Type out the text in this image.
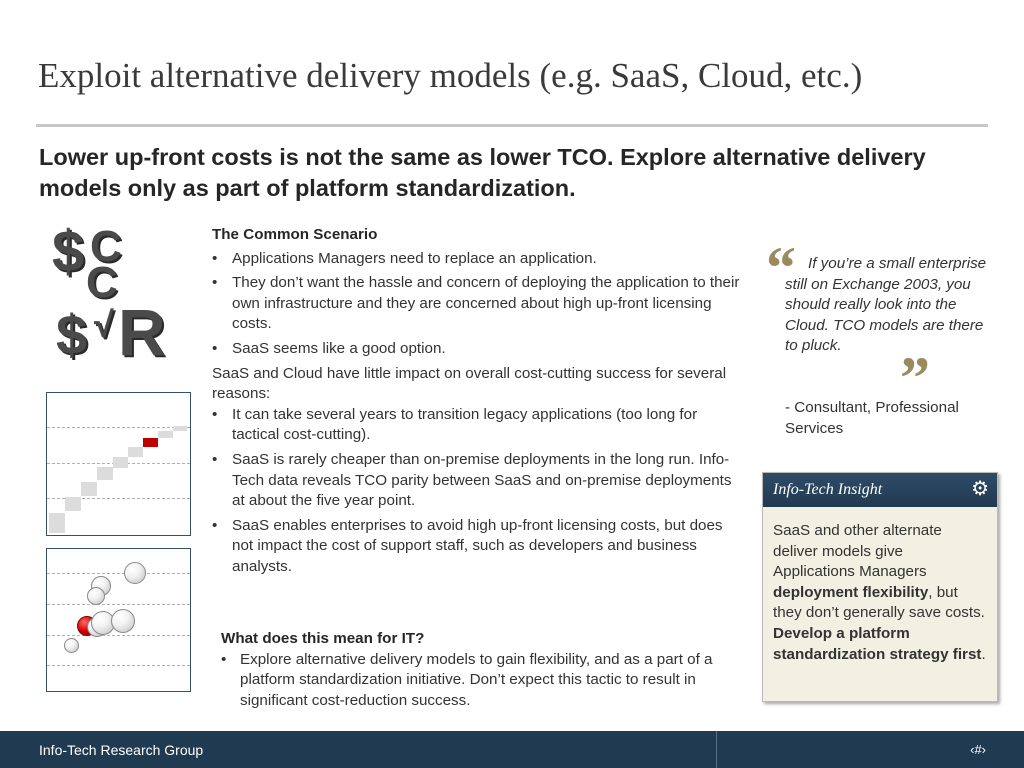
Exploit alternative delivery models (e.g. SaaS, Cloud, etc.)
Lower up-front costs is not the same as lower TCO. Explore alternative delivery models only as part of platform standardization.
$ C
C
$ √ R
The Common Scenario
• Applications Managers need to replace an application.
• They don’t want the hassle and concern of deploying the application to their own infrastructure and they are concerned about high up-front licensing costs.
• SaaS seems like a good option.

SaaS and Cloud have little impact on overall cost-cutting success for several reasons:

• It can take several years to transition legacy applications (too long for tactical cost-cutting).
• SaaS is rarely cheaper than on-premise deployments in the long run. Info-Tech data reveals TCO parity between SaaS and on-premise deployments at about the five year point.
• SaaS enables enterprises to avoid high up-front licensing costs, but does not impact the cost of support staff, such as developers and business analysts.
What does this mean for IT?
• Explore alternative delivery models to gain flexibility, and as a part of a platform standardization initiative. Don’t expect this tactic to result in significant cost-reduction success.
“ If you’re a small enterprise still on Exchange 2003, you should really look into the Cloud. TCO models are there to pluck. ”
- Consultant, Professional Services
Info-Tech Insight	⚙
SaaS and other alternate deliver models give Applications Managers deployment flexibility, but they don’t generally save costs. Develop a platform standardization strategy first.
Info-Tech Research Group	‹#›
